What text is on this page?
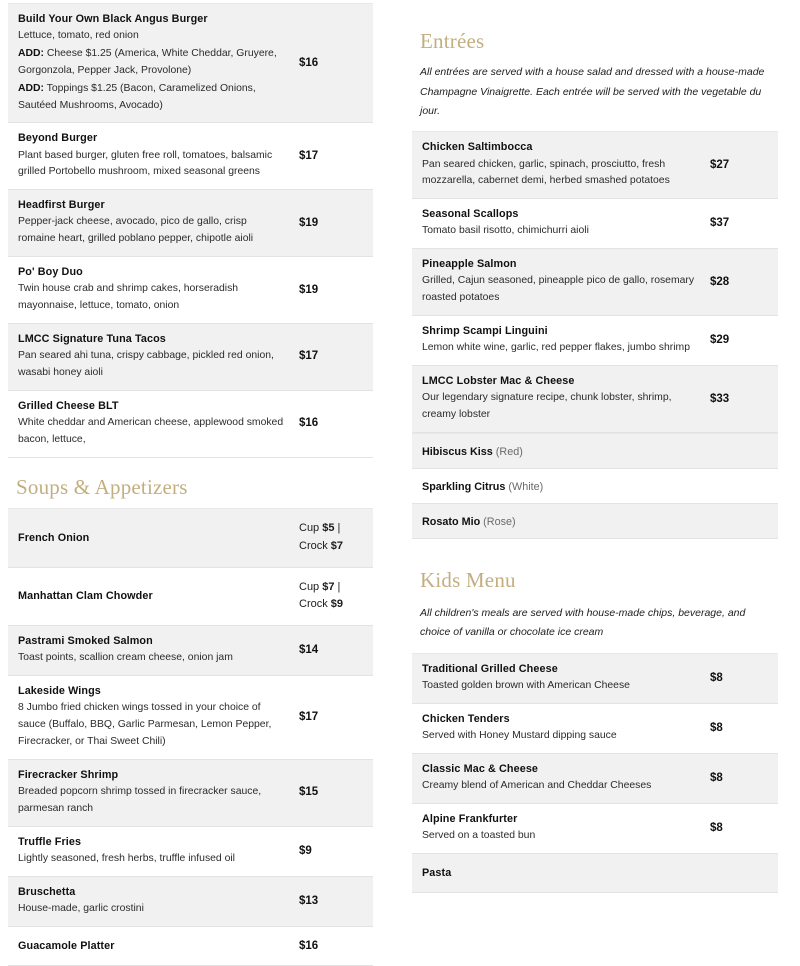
Build Your Own Black Angus Burger
Lettuce, tomato, red onion
ADD: Cheese $1.25 (America, White Cheddar, Gruyere, Gorgonzola, Pepper Jack, Provolone)
ADD: Toppings $1.25 (Bacon, Caramelized Onions, Sautéed Mushrooms, Avocado)	$16

Beyond Burger
Plant based burger, gluten free roll, tomatoes, balsamic grilled Portobello mushroom, mixed seasonal greens	$17

Headfirst Burger
Pepper-jack cheese, avocado, pico de gallo, crisp romaine heart, grilled poblano pepper, chipotle aioli	$19

Po' Boy Duo
Twin house crab and shrimp cakes, horseradish mayonnaise, lettuce, tomato, onion	$19

LMCC Signature Tuna Tacos
Pan seared ahi tuna, crispy cabbage, pickled red onion, wasabi honey aioli	$17

Grilled Cheese BLT
White cheddar and American cheese, applewood smoked bacon, lettuce,	$16
Soups & Appetizers
French Onion	Cup $5 | Crock $7

Manhattan Clam Chowder	Cup $7 | Crock $9

Pastrami Smoked Salmon
Toast points, scallion cream cheese, onion jam	$14

Lakeside Wings
8 Jumbo fried chicken wings tossed in your choice of sauce (Buffalo, BBQ, Garlic Parmesan, Lemon Pepper, Firecracker, or Thai Sweet Chili)	$17

Firecracker Shrimp
Breaded popcorn shrimp tossed in firecracker sauce, parmesan ranch	$15

Truffle Fries
Lightly seasoned, fresh herbs, truffle infused oil	$9

Bruschetta
House-made, garlic crostini	$13

Guacamole Platter	$16
Entrées

All entrées are served with a house salad and dressed with a house-made Champagne Vinaigrette. Each entrée will be served with the vegetable du jour.

Chicken Saltimbocca
Pan seared chicken, garlic, spinach, prosciutto, fresh mozzarella, cabernet demi, herbed smashed potatoes	$27

Seasonal Scallops
Tomato basil risotto, chimichurri aioli	$37

Pineapple Salmon
Grilled, Cajun seasoned, pineapple pico de gallo, rosemary roasted potatoes	$28

Shrimp Scampi Linguini
Lemon white wine, garlic, red pepper flakes, jumbo shrimp	$29

LMCC Lobster Mac & Cheese
Our legendary signature recipe, chunk lobster, shrimp, creamy lobster	$33
Hibiscus Kiss (Red)
Sparkling Citrus (White)
Rosato Mio (Rose)
Kids Menu

All children's meals are served with house-made chips, beverage, and choice of vanilla or chocolate ice cream

Traditional Grilled Cheese
Toasted golden brown with American Cheese	$8

Chicken Tenders
Served with Honey Mustard dipping sauce	$8

Classic Mac & Cheese
Creamy blend of American and Cheddar Cheeses	$8

Alpine Frankfurter
Served on a toasted bun	$8

Pasta	
